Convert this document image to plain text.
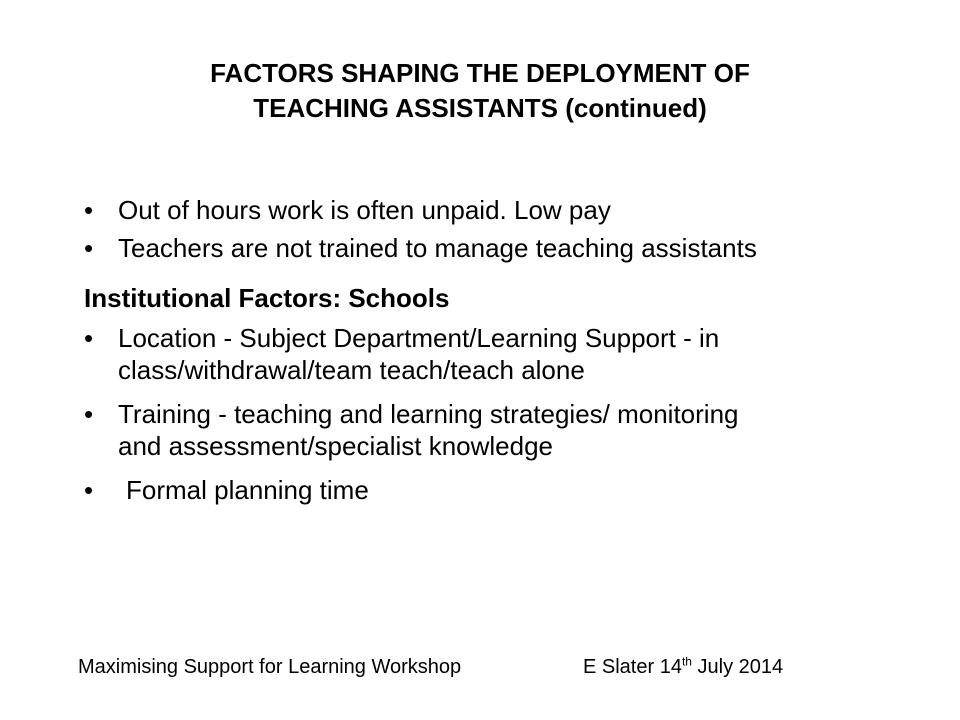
FACTORS SHAPING THE DEPLOYMENT OF
TEACHING ASSISTANTS (continued)
• Out of hours work is often unpaid. Low pay
• Teachers are not trained to manage teaching assistants
Institutional Factors: Schools
• Location - Subject Department/Learning Support - in
class/withdrawal/team teach/teach alone
• Training - teaching and learning strategies/ monitoring
and assessment/specialist knowledge
•	Formal planning time
Maximising Support for Learning Workshop	E Slater 14th July 2014
